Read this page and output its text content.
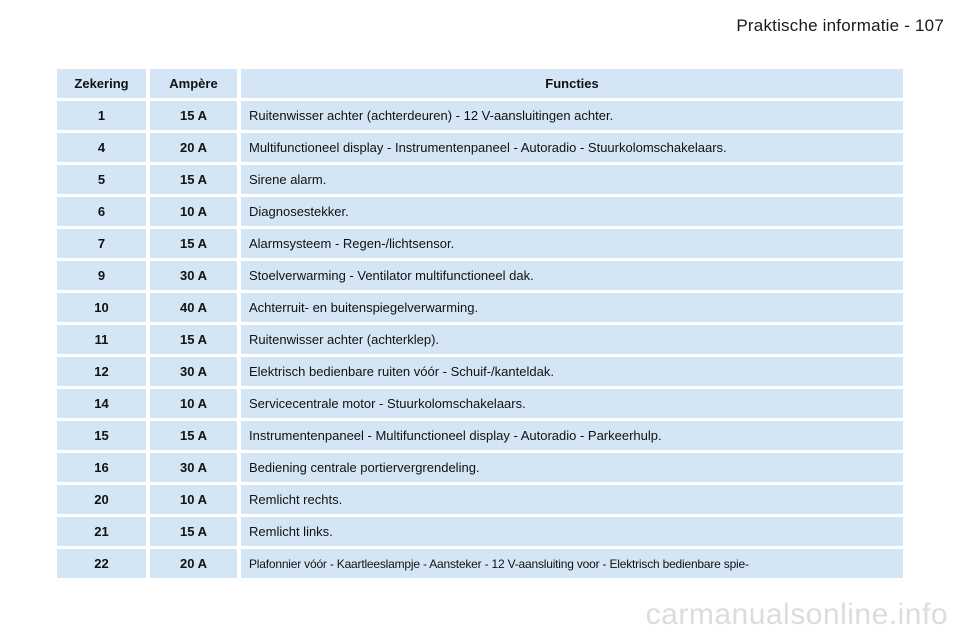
Praktische informatie - 107
Zekering	Ampère	Functies
1	15 A	Ruitenwisser achter (achterdeuren) - 12 V-aansluitingen achter.
4	20 A	Multifunctioneel display - Instrumentenpaneel - Autoradio - Stuurkolomschakelaars.
5	15 A	Sirene alarm.
6	10 A	Diagnosestekker.
7	15 A	Alarmsysteem - Regen-/lichtsensor.
9	30 A	Stoelverwarming - Ventilator multifunctioneel dak.
10	40 A	Achterruit- en buitenspiegelverwarming.
11	15 A	Ruitenwisser achter (achterklep).
12	30 A	Elektrisch bedienbare ruiten vóór - Schuif-/kanteldak.
14	10 A	Servicecentrale motor - Stuurkolomschakelaars.
15	15 A	Instrumentenpaneel - Multifunctioneel display - Autoradio - Parkeerhulp.
16	30 A	Bediening centrale portiervergrendeling.
20	10 A	Remlicht rechts.
21	15 A	Remlicht links.
22	20 A	Plafonnier vóór - Kaartleeslampje - Aansteker - 12 V-aansluiting voor - Elektrisch bedienbare spie-
carmanualsonline.info
